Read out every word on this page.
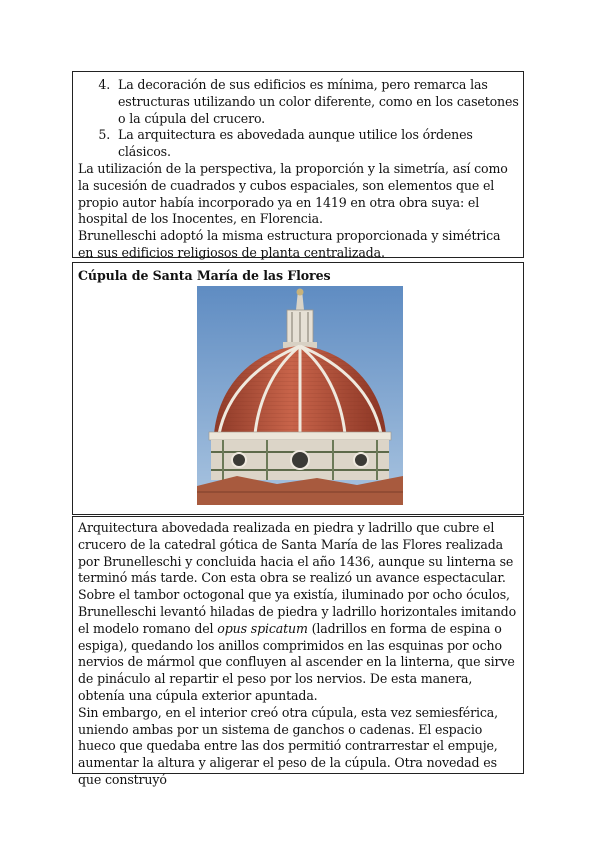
4. La decoración de sus edificios es mínima, pero remarca las estructuras utilizando un color diferente, como en los casetones o la cúpula del crucero.
5. La arquitectura es abovedada aunque utilice los órdenes clásicos.

La utilización de la perspectiva, la proporción y la simetría, así como la sucesión de cuadrados y cubos espaciales, son elementos que el propio autor había incorporado ya en 1419 en otra obra suya: el hospital de los Inocentes, en Florencia.

Brunelleschi adoptó la misma estructura proporcionada y simétrica en sus edificios religiosos de planta centralizada.

Cúpula de Santa María de las Flores

Arquitectura abovedada realizada en piedra y ladrillo que cubre el crucero de la catedral gótica de Santa María de las Flores realizada por Brunelleschi y concluida hacia el año 1436, aunque su linterna se terminó más tarde. Con esta obra se realizó un avance espectacular. Sobre el tambor octogonal que ya existía, iluminado por ocho óculos, Brunelleschi levantó hiladas de piedra y ladrillo horizontales imitando el modelo romano del opus spicatum (ladrillos en forma de espina o espiga), quedando los anillos comprimidos en las esquinas por ocho nervios de mármol que confluyen al ascender en la linterna, que sirve de pináculo al repartir el peso por los nervios. De esta manera, obtenía una cúpula exterior apuntada.

Sin embargo, en el interior creó otra cúpula, esta vez semiesférica, uniendo ambas por un sistema de ganchos o cadenas. El espacio hueco que quedaba entre las dos permitió contrarrestar el empuje, aumentar la altura y aligerar el peso de la cúpula. Otra novedad es que construyó
